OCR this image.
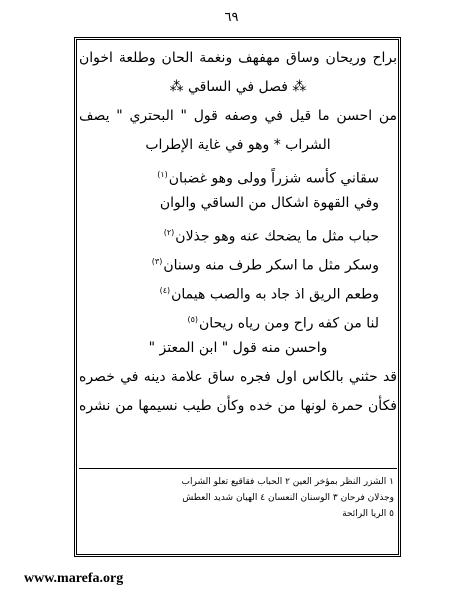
٦٩
براح وريحان وساق مهفهف ونغمة الحان وطلعة اخوان
⁂ فصل في الساقي ⁂
من احسن ما قيل في وصفه قول " البحتري " يصف
الشراب * وهو في غاية الإطراب
سقاني كأسه شزراً وولى وهو غضبان$^{(١)}$
وفي القهوة اشكال من الساقي والوان
حباب مثل ما يضحك عنه وهو جذلان$^{(٢)}$
وسكر مثل ما اسكر طرف منه وسنان$^{(٣)}$
وطعم الريق اذ جاد به والصب هيمان$^{(٤)}$
لنا من كفه راح ومن رياه ريحان$^{(٥)}$
واحسن منه قول " ابن المعتز "
قد حثني بالكاس اول فجره ساق علامة دينه في خصره
فكأن حمرة لونها من خده وكأن طيب نسيمها من نشره
١ الشزر النظر بمؤخر العين ٢ الحباب فقاقيع تعلو الشراب
وجذلان فرحان ٣ الوسنان النعسان ٤ الهيان شديد العطش
٥ الريا الرائحة
www.marefa.org
